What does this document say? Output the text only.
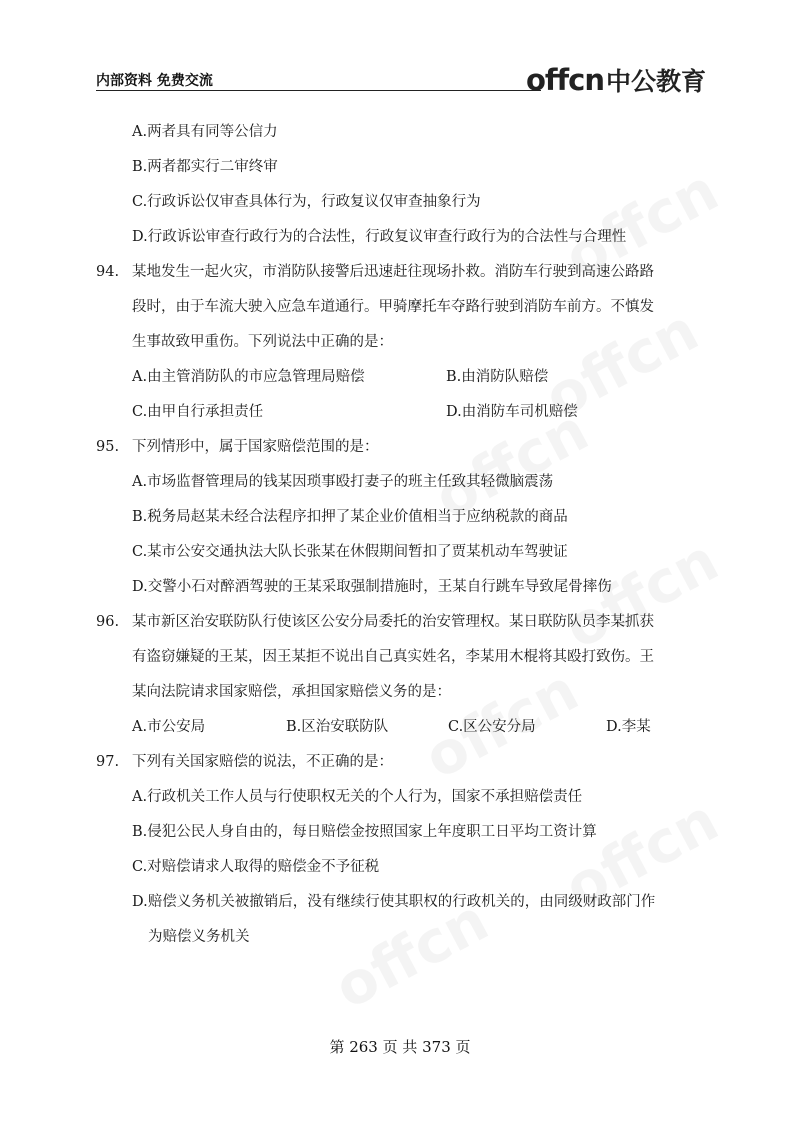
内部资料 免费交流	offcn 中公教育
A.两者具有同等公信力
B.两者都实行二审终审
C.行政诉讼仅审查具体行为，行政复议仅审查抽象行为
D.行政诉讼审查行政行为的合法性，行政复议审查行政行为的合法性与合理性
94. 某地发生一起火灾，市消防队接警后迅速赶往现场扑救。消防车行驶到高速公路路
段时，由于车流大驶入应急车道通行。甲骑摩托车夺路行驶到消防车前方。不慎发
生事故致甲重伤。下列说法中正确的是：
A.由主管消防队的市应急管理局赔偿	B.由消防队赔偿
C.由甲自行承担责任	D.由消防车司机赔偿
95. 下列情形中，属于国家赔偿范围的是：
A.市场监督管理局的钱某因琐事殴打妻子的班主任致其轻微脑震荡
B.税务局赵某未经合法程序扣押了某企业价值相当于应纳税款的商品
C.某市公安交通执法大队长张某在休假期间暂扣了贾某机动车驾驶证
D.交警小石对醉酒驾驶的王某采取强制措施时，王某自行跳车导致尾骨摔伤
96. 某市新区治安联防队行使该区公安分局委托的治安管理权。某日联防队员李某抓获
有盗窃嫌疑的王某，因王某拒不说出自己真实姓名，李某用木棍将其殴打致伤。王
某向法院请求国家赔偿，承担国家赔偿义务的是：
A.市公安局	B.区治安联防队	C.区公安分局	D.李某
97. 下列有关国家赔偿的说法，不正确的是：
A.行政机关工作人员与行使职权无关的个人行为，国家不承担赔偿责任
B.侵犯公民人身自由的，每日赔偿金按照国家上年度职工日平均工资计算
C.对赔偿请求人取得的赔偿金不予征税
D.赔偿义务机关被撤销后，没有继续行使其职权的行政机关的，由同级财政部门作
为赔偿义务机关
第 263 页 共 373 页
